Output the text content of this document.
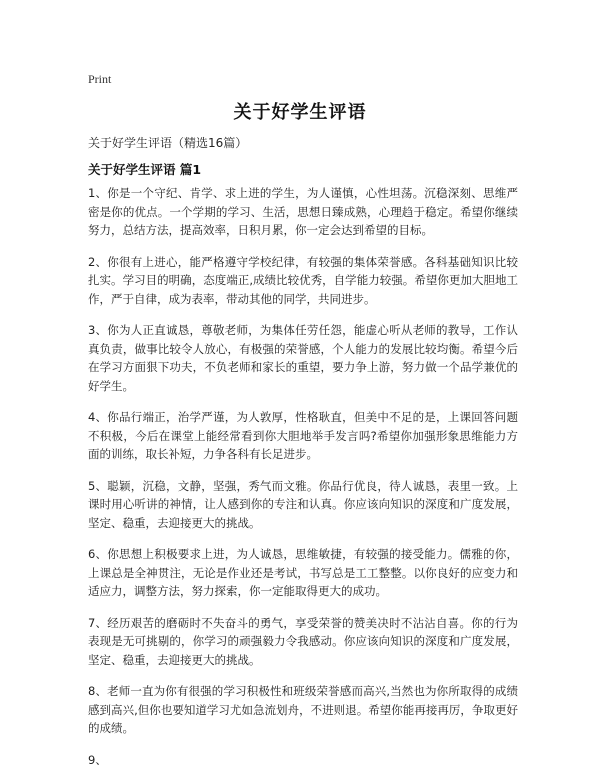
Print
关于好学生评语
关于好学生评语（精选16篇）
关于好学生评语 篇1

1、你是一个守纪、肯学、求上进的学生，为人谨慎，心性坦荡。沉稳深刻、思维严密是你的优点。一个学期的学习、生活，思想日臻成熟，心理趋于稳定。希望你继续努力，总结方法，提高效率，日积月累，你一定会达到希望的目标。

2、你很有上进心，能严格遵守学校纪律，有较强的集体荣誉感。各科基础知识比较扎实。学习目的明确，态度端正,成绩比较优秀，自学能力较强。希望你更加大胆地工作，严于自律，成为表率，带动其他的同学，共同进步。

3、你为人正直诚恳，尊敬老师，为集体任劳任怨，能虚心听从老师的教导，工作认真负责，做事比较令人放心，有极强的荣誉感，个人能力的发展比较均衡。希望今后在学习方面狠下功夫，不负老师和家长的重望，要力争上游，努力做一个品学兼优的好学生。

4、你品行端正，治学严谨，为人敦厚，性格耿直，但美中不足的是，上课回答问题不积极，今后在课堂上能经常看到你大胆地举手发言吗?希望你加强形象思维能力方面的训练，取长补短，力争各科有长足进步。

5、聪颖，沉稳，文静，坚强，秀气而文雅。你品行优良，待人诚恳，表里一致。上课时用心听讲的神情，让人感到你的专注和认真。你应该向知识的深度和广度发展，坚定、稳重，去迎接更大的挑战。

6、你思想上积极要求上进，为人诚恳，思维敏捷，有较强的接受能力。儒雅的你，上课总是全神贯注，无论是作业还是考试，书写总是工工整整。以你良好的应变力和适应力，调整方法，努力探索，你一定能取得更大的成功。

7、经历艰苦的磨砺时不失奋斗的勇气，享受荣誉的赞美决时不沾沾自喜。你的行为表现是无可挑剔的，你学习的顽强毅力令我感动。你应该向知识的深度和广度发展，坚定、稳重，去迎接更大的挑战。

8、老师一直为你有很强的学习积极性和班级荣誉感而高兴,当然也为你所取得的成绩感到高兴,但你也要知道学习尤如急流划舟，不进则退。希望你能再接再厉，争取更好的成绩。

9、
